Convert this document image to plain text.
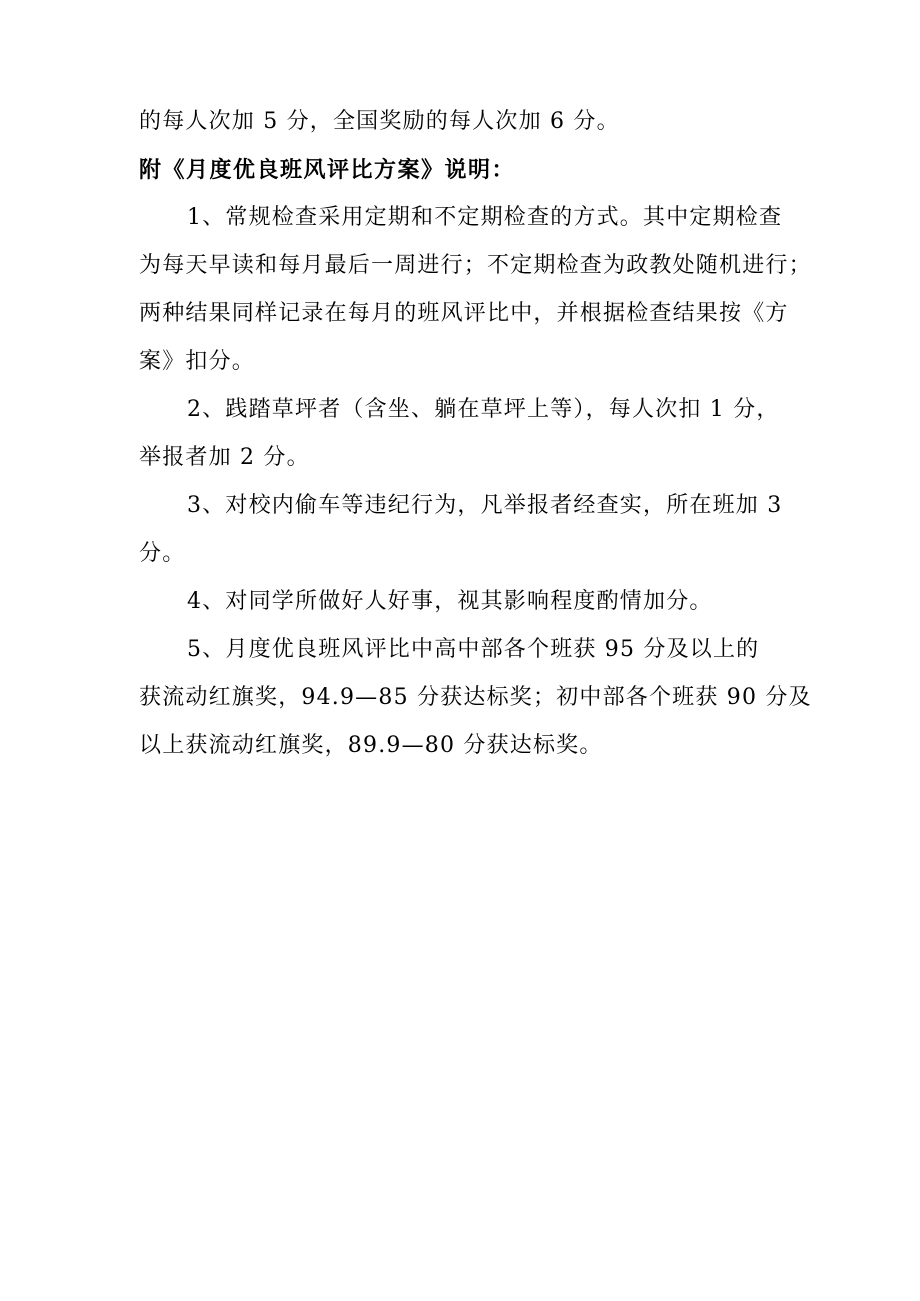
的每人次加 5 分，全国奖励的每人次加 6 分。
附《月度优良班风评比方案》说明：
1、常规检查采用定期和不定期检查的方式。其中定期检查
为每天早读和每月最后一周进行；不定期检查为政教处随机进行；
两种结果同样记录在每月的班风评比中，并根据检查结果按《方
案》扣分。
2、践踏草坪者（含坐、躺在草坪上等），每人次扣 1 分，
举报者加 2 分。
3、对校内偷车等违纪行为，凡举报者经查实，所在班加 3
分。
4、对同学所做好人好事，视其影响程度酌情加分。
5、月度优良班风评比中高中部各个班获 95 分及以上的
获流动红旗奖，94.9—85 分获达标奖；初中部各个班获 90 分及
以上获流动红旗奖，89.9—80 分获达标奖。
